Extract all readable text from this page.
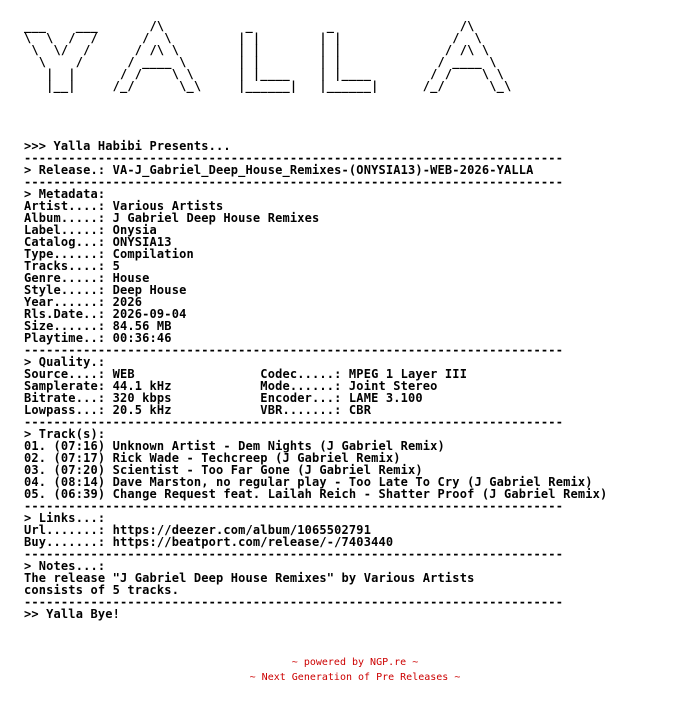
___    ___       /\           _          _                 /\
\  \  /  /      /  \         | |        | |               /  \
\  \/  /      / /\ \        | |        | |              / /\ \
\    /      / ____ \       | |        | |             / ____ \
|  |      / /    \ \      | |____    | |____        / /    \ \
|__|     /_/      \_\     |______|   |______|      /_/      \_\

>>> Yalla Habibi Presents...
-------------------------------------------------------------------------
> Release.: VA-J_Gabriel_Deep_House_Remixes-(ONYSIA13)-WEB-2026-YALLA
-------------------------------------------------------------------------
> Metadata:
Artist....: Various Artists
Album.....: J Gabriel Deep House Remixes
Label.....: Onysia
Catalog...: ONYSIA13
Type......: Compilation
Tracks....: 5
Genre.....: House
Style.....: Deep House
Year......: 2026
Rls.Date..: 2026-09-04
Size......: 84.56 MB
Playtime..: 00:36:46
-------------------------------------------------------------------------
> Quality.:
Source....: WEB                 Codec.....: MPEG 1 Layer III
Samplerate: 44.1 kHz            Mode......: Joint Stereo
Bitrate...: 320 kbps            Encoder...: LAME 3.100
Lowpass...: 20.5 kHz            VBR.......: CBR
-------------------------------------------------------------------------
> Track(s):
01. (07:16) Unknown Artist - Dem Nights (J Gabriel Remix)
02. (07:17) Rick Wade - Techcreep (J Gabriel Remix)
03. (07:20) Scientist - Too Far Gone (J Gabriel Remix)
04. (08:14) Dave Marston, no regular play - Too Late To Cry (J Gabriel Remix)
05. (06:39) Change Request feat. Lailah Reich - Shatter Proof (J Gabriel Remix)
-------------------------------------------------------------------------
> Links...:
Url.......: https://deezer.com/album/1065502791
Buy.......: https://beatport.com/release/-/7403440
-------------------------------------------------------------------------
> Notes...:
The release "J Gabriel Deep House Remixes" by Various Artists
consists of 5 tracks.
-------------------------------------------------------------------------
>> Yalla Bye!
~ powered by NGP.re ~
~ Next Generation of Pre Releases ~
